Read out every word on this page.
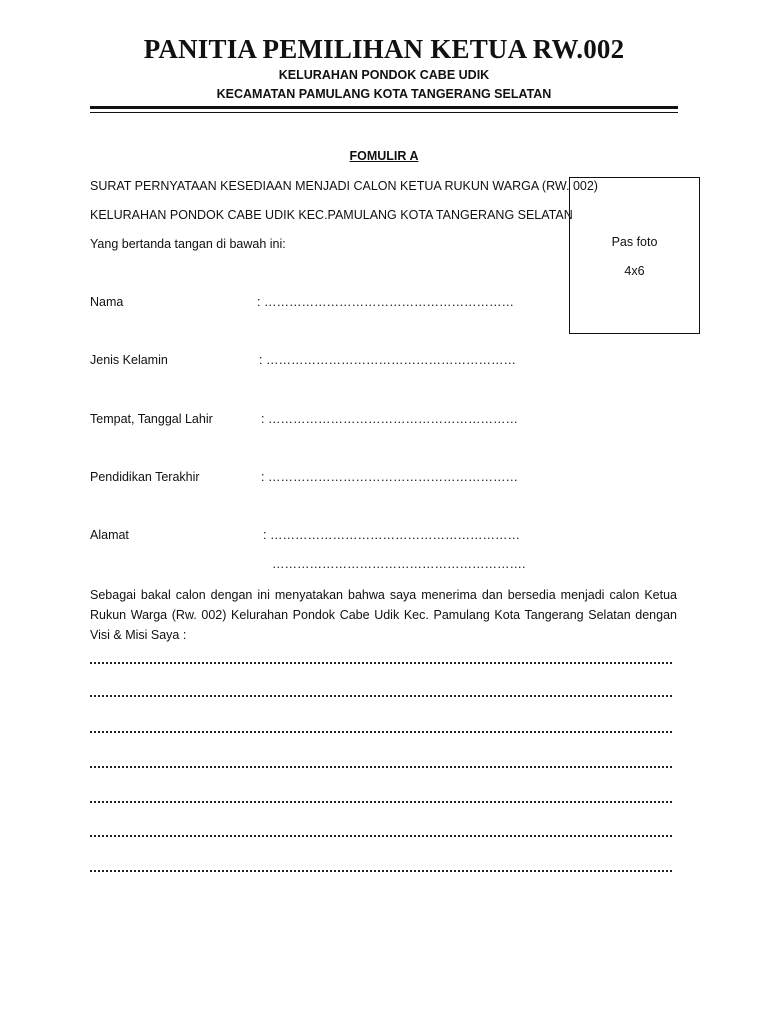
PANITIA PEMILIHAN KETUA RW.002
KELURAHAN PONDOK CABE UDIK
KECAMATAN PAMULANG KOTA TANGERANG SELATAN
FOMULIR A
SURAT PERNYATAAN KESEDIAAN MENJADI CALON KETUA RUKUN WARGA (RW. 002)
KELURAHAN PONDOK CABE UDIK KEC.PAMULANG KOTA TANGERANG SELATAN
Yang bertanda tangan di bawah ini:	Pas foto
4x6
Nama	: ……………………………………………………
Jenis Kelamin	: ……………………………………………………
Tempat, Tanggal Lahir	: ……………………………………………………
Pendidikan Terakhir	: ……………………………………………………
Alamat	: ……………………………………………………
…………………………………………………….
Sebagai bakal calon dengan ini menyatakan bahwa saya menerima dan bersedia menjadi calon Ketua Rukun Warga (Rw. 002) Kelurahan Pondok Cabe Udik Kec. Pamulang Kota Tangerang Selatan dengan Visi & Misi Saya :
